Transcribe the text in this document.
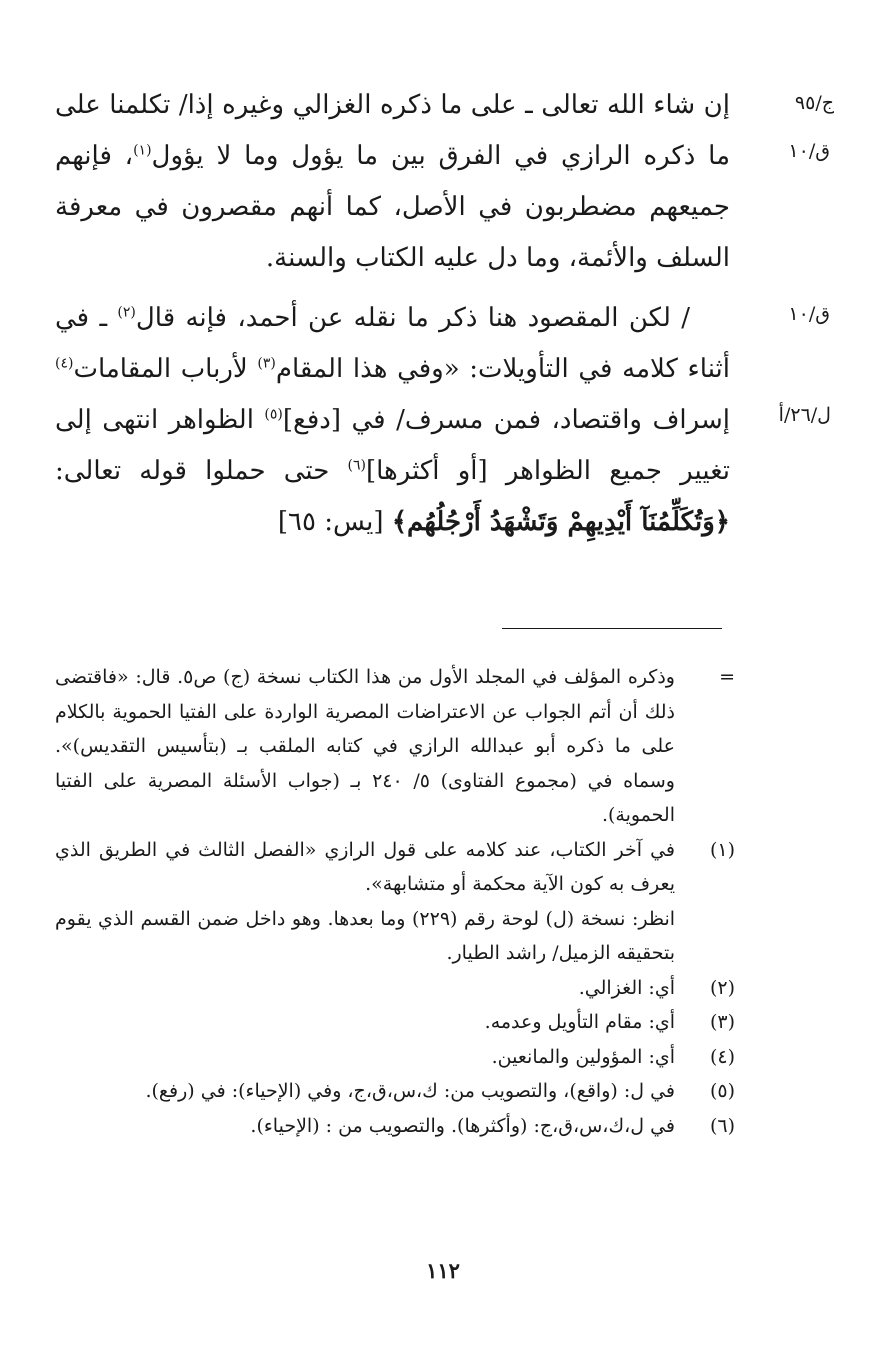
ج/٩٥
ق/١٠
ق/١٠
ل/٢٦/أ

إن شاء الله تعالى ـ على ما ذكره الغزالي وغيره إذا/ تكلمنا على ما ذكره الرازي في الفرق بين ما يؤول وما لا يؤول$^{(١)}$، فإنهم جميعهم مضطربون في الأصل، كما أنهم مقصرون في معرفة السلف والأئمة، وما دل عليه الكتاب والسنة.

/ لكن المقصود هنا ذكر ما نقله عن أحمد، فإنه قال$^{(٢)}$ ـ في أثناء كلامه في التأويلات: «وفي هذا المقام$^{(٣)}$ لأرباب المقامات$^{(٤)}$ إسراف واقتصاد، فمن مسرف/ في [دفع]$^{(٥)}$ الظواهر انتهى إلى تغيير جميع الظواهر [أو أكثرها]$^{(٦)}$ حتى حملوا قوله تعالى: ﴿وَتُكَلِّمُنَآ أَيْدِيهِمْ وَتَشْهَدُ أَرْجُلُهُم﴾ [يس: ٦٥]

=
وذكره المؤلف في المجلد الأول من هذا الكتاب نسخة (ج) ص٥. قال: «فاقتضى ذلك أن أتم الجواب عن الاعتراضات المصرية الواردة على الفتيا الحموية بالكلام على ما ذكره أبو عبدالله الرازي في كتابه الملقب بـ (بتأسيس التقديس)». وسماه في (مجموع الفتاوى) ٥/ ٢٤٠ بـ (جواب الأسئلة المصرية على الفتيا الحموية).

(١)
في آخر الكتاب، عند كلامه على قول الرازي «الفصل الثالث في الطريق الذي يعرف به كون الآية محكمة أو متشابهة».

انظر: نسخة (ل) لوحة رقم (٢٢٩) وما بعدها. وهو داخل ضمن القسم الذي يقوم بتحقيقه الزميل/ راشد الطيار.

(٢)
أي: الغزالي.

(٣)
أي: مقام التأويل وعدمه.

(٤)
أي: المؤولين والمانعين.

(٥)
في ل: (واقع)، والتصويب من: ك،س،ق،ج، وفي (الإحياء): في (رفع).

(٦)
في ل،ك،س،ق،ج: (وأكثرها). والتصويب من : (الإحياء).

١١٢
